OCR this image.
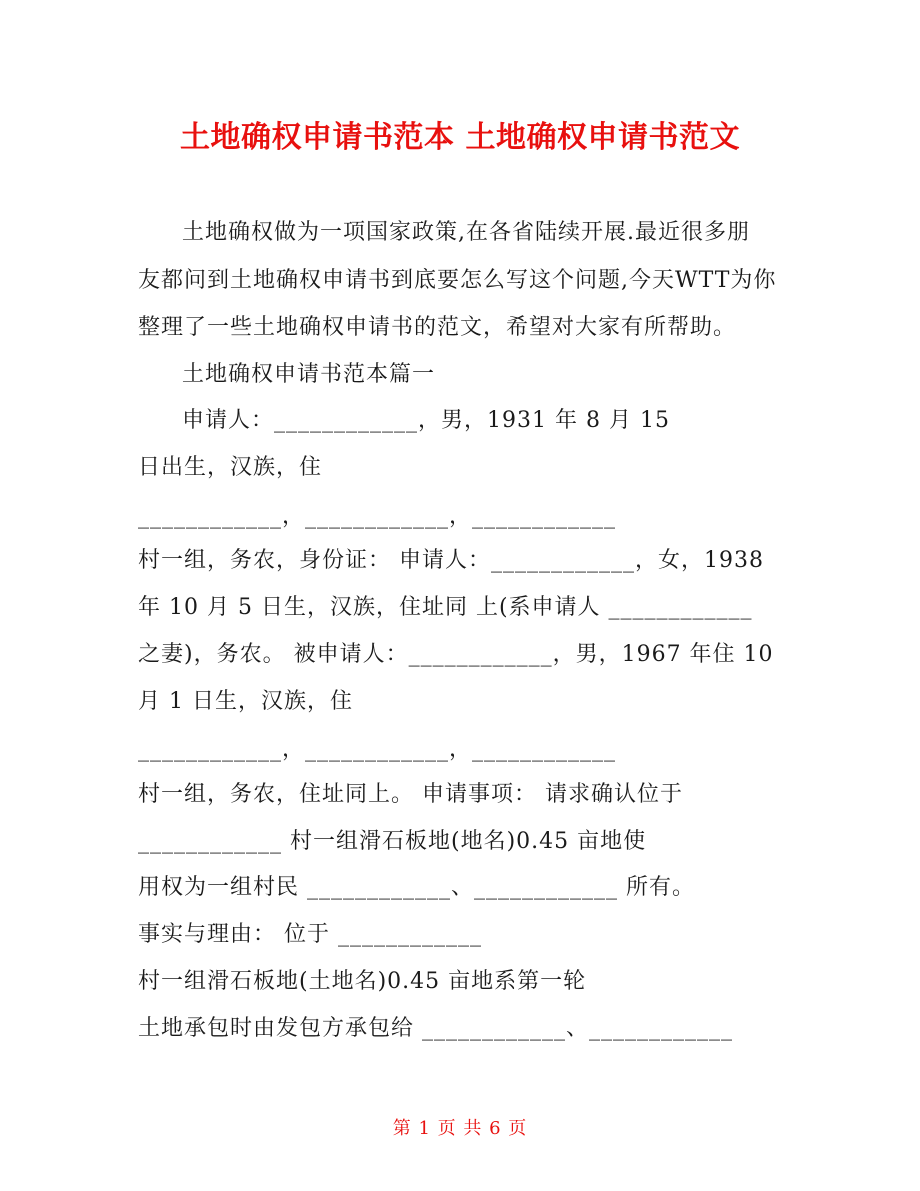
土地确权申请书范本 土地确权申请书范文
土地确权做为一项国家政策,在各省陆续开展.最近很多朋
友都问到土地确权申请书到底要怎么写这个问题,今天WTT为你
整理了一些土地确权申请书的范文，希望对大家有所帮助。
土地确权申请书范本篇一
申请人：____________，男，1931 年 8 月 15
日出生，汉族，住
____________，____________，____________
村一组，务农，身份证： 申请人：____________，女，1938
年 10 月 5 日生，汉族，住址同 上(系申请人 ____________
之妻)，务农。 被申请人：____________，男，1967 年住 10
月 1 日生，汉族，住
____________，____________，____________
村一组，务农，住址同上。 申请事项： 请求确认位于
____________ 村一组滑石板地(地名)0.45 亩地使
用权为一组村民 ____________、____________ 所有。
事实与理由： 位于 ____________
村一组滑石板地(土地名)0.45 亩地系第一轮
土地承包时由发包方承包给 ____________、____________
第 1 页 共 6 页
